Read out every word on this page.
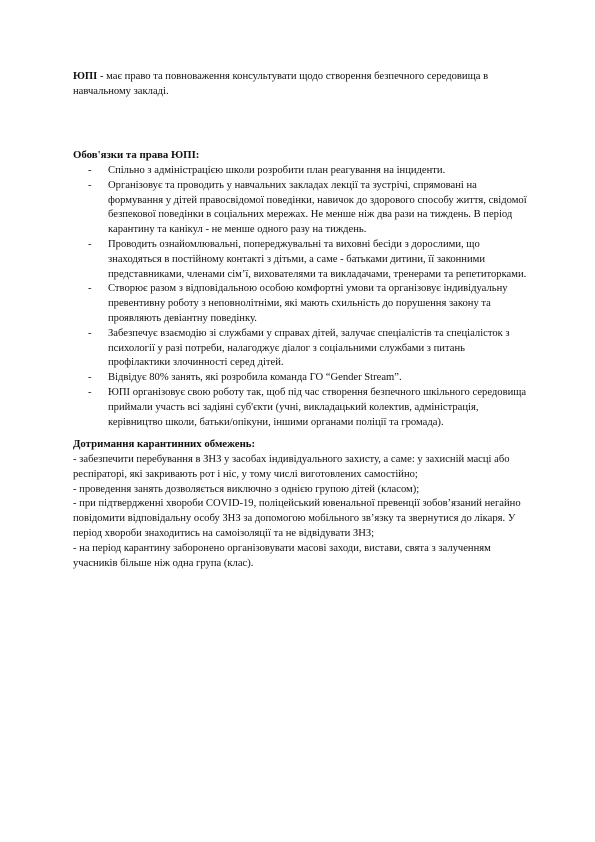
ЮПІ - має право та повноваження консультувати щодо створення безпечного середовища в навчальному закладі.

Обов'язки та права ЮПІ:

- Спільно з адміністрацією школи розробити план реагування на інциденти.
- Організовує та проводить у навчальних закладах лекції та зустрічі, спрямовані на формування у дітей правосвідомої поведінки, навичок до здорового способу життя, свідомої безпекової поведінки в соціальних мережах. Не менше ніж два рази на тиждень. В період карантину та канікул - не менше одного разу на тиждень.
- Проводить ознайомлювальні, попереджувальні та виховні бесіди з дорослими, що знаходяться в постійному контакті з дітьми, а саме - батьками дитини, її законними представниками, членами сім’ї, вихователями та викладачами, тренерами та репетиторками.
- Створює разом з відповідальною особою комфортні умови та організовує індивідуальну превентивну роботу з неповнолітніми, які мають схильність до порушення закону та проявляють девіантну поведінку.
- Забезпечує взаємодію зі службами у справах дітей, залучає спеціалістів та спеціалісток з психології у разі потреби, налагоджує діалог з соціальними службами з питань профілактики злочинності серед дітей.
- Відвідує 80% занять, які розробила команда ГО “Gender Stream”.
- ЮПІ організовує свою роботу так, щоб під час створення безпечного шкільного середовища приймали участь всі задіяні суб'єкти (учні, викладацький колектив, адміністрація, керівництво школи, батьки/опікуни, іншими органами поліції та громада).

Дотримання карантинних обмежень:

- забезпечити перебування в ЗНЗ у засобах індивідуального захисту, а саме: у захисній масці або респіраторі, які закривають рот і ніс, у тому числі виготовлених самостійно;

- проведення занять дозволяється виключно з однією групою дітей (класом);

- при підтвердженні хвороби COVID-19, поліцейський ювенальної превенції зобов’язаний негайно повідомити відповідальну особу ЗНЗ за допомогою мобільного зв’язку та звернутися до лікаря. У період хвороби знаходитись на самоізоляції та не відвідувати ЗНЗ;

- на період карантину заборонено організовувати масові заходи, вистави, свята з залученням учасників більше ніж одна група (клас).
